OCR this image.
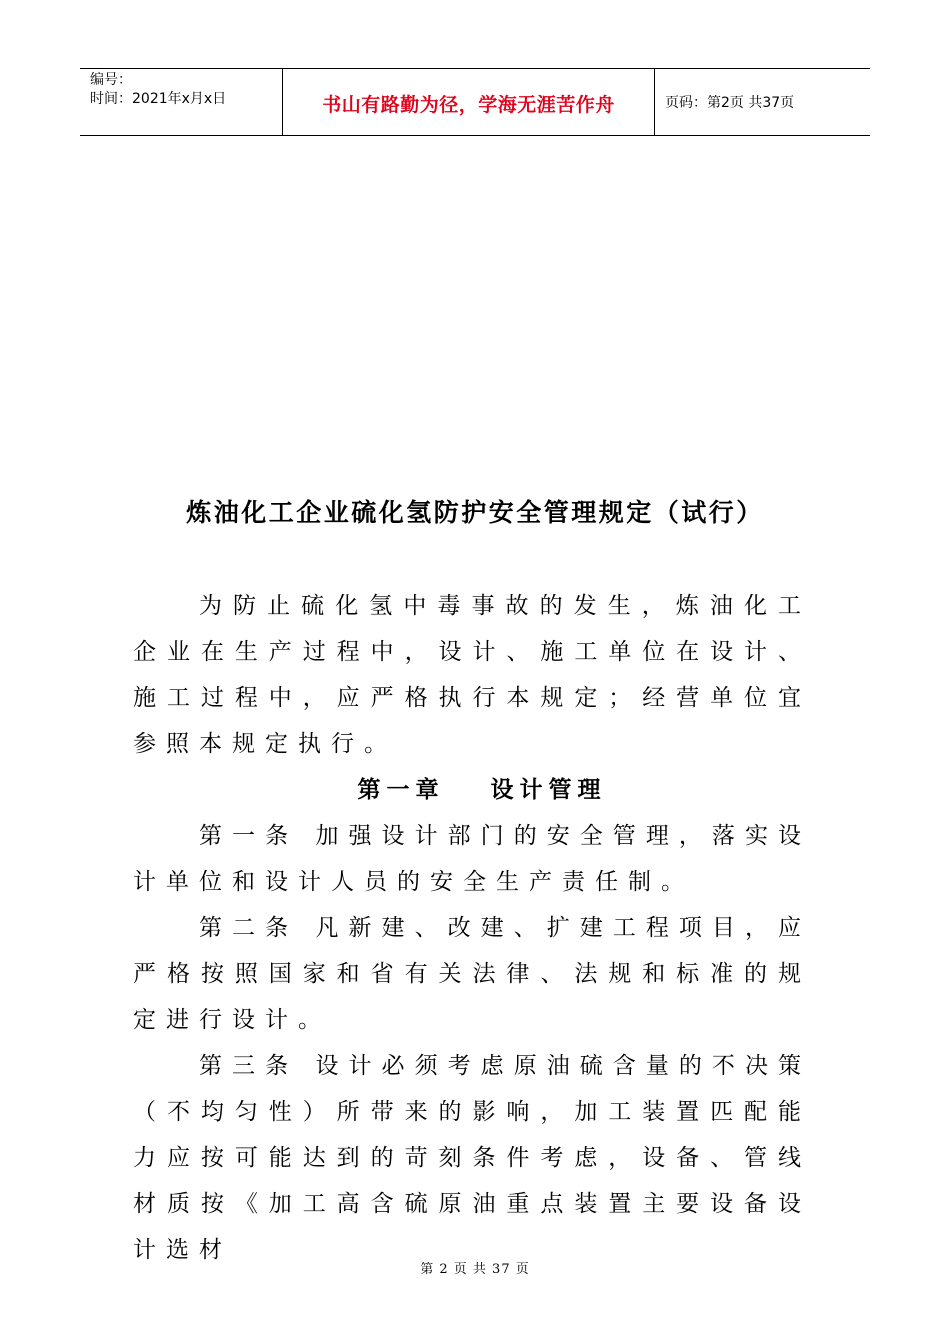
编号：
时间：2021年x月x日	书山有路勤为径，学海无涯苦作舟	页码：第2页 共37页
炼油化工企业硫化氢防护安全管理规定（试行）

为防止硫化氢中毒事故的发生，炼油化工企业在生产过程中，设计、施工单位在设计、施工过程中，应严格执行本规定；经营单位宜参照本规定执行。

第一章 设计管理

第一条 加强设计部门的安全管理，落实设计单位和设计人员的安全生产责任制。

第二条 凡新建、改建、扩建工程项目，应严格按照国家和省有关法律、法规和标准的规定进行设计。

第三条 设计必须考虑原油硫含量的不决策（不均匀性）所带来的影响，加工装置匹配能力应按可能达到的苛刻条件考虑，设备、管线材质按《加工高含硫原油重点装置主要设备设计选材

第 2 页 共 37 页
